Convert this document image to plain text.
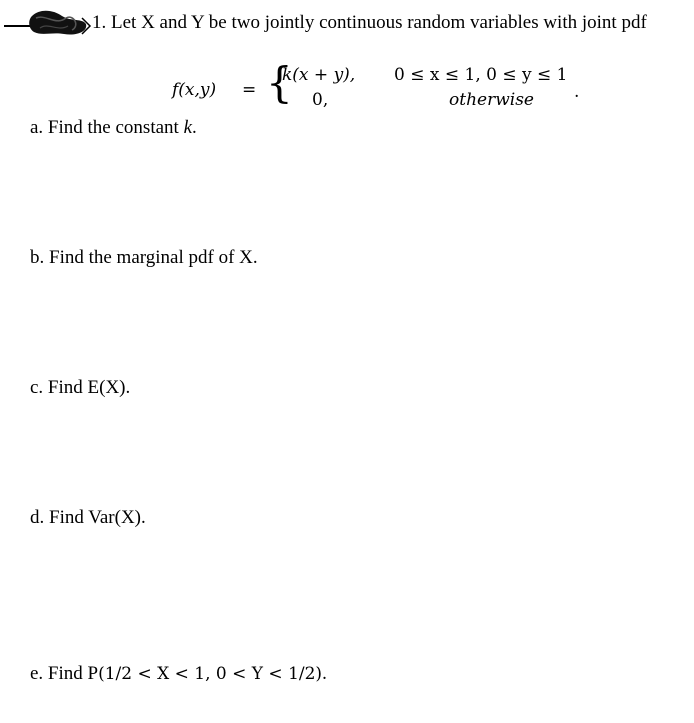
1. Let X and Y be two jointly continuous random variables with joint pdf
f(x,y) = {
k(x + y),
0,
0 ≤ x ≤ 1, 0 ≤ y ≤ 1
otherwise .
a. Find the constant k.
b. Find the marginal pdf of X.
c. Find E(X).
d. Find Var(X).
e. Find P(1/2 < X < 1, 0 < Y < 1/2).
